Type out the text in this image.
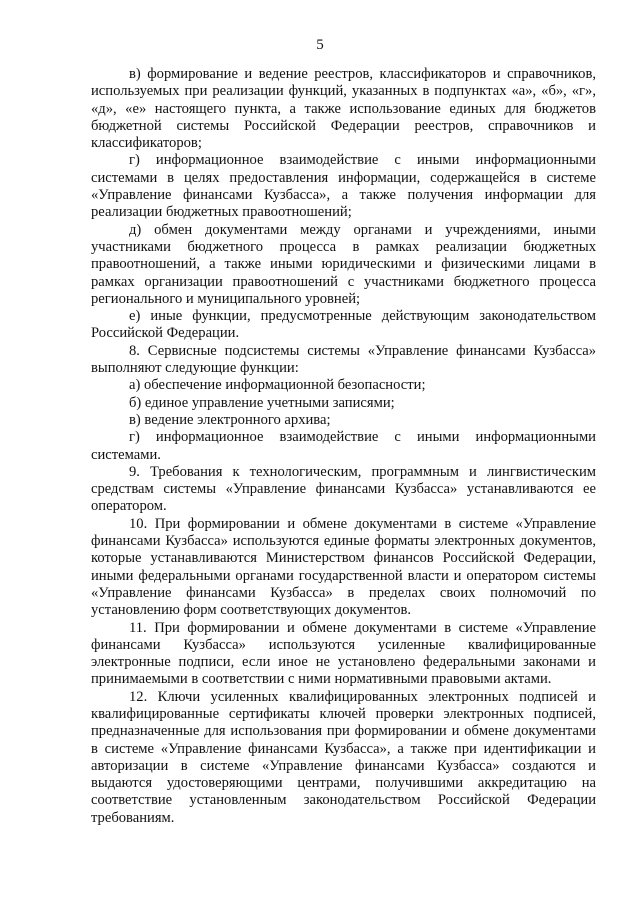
5

в) формирование и ведение реестров, классификаторов и справочников, используемых при реализации функций, указанных в подпунктах «а», «б», «г», «д», «е» настоящего пункта, а также использование единых для бюджетов бюджетной системы Российской Федерации реестров, справочников и классификаторов;

г) информационное взаимодействие с иными информационными системами в целях предоставления информации, содержащейся в системе «Управление финансами Кузбасса», а также получения информации для реализации бюджетных правоотношений;

д) обмен документами между органами и учреждениями, иными участниками бюджетного процесса в рамках реализации бюджетных правоотношений, а также иными юридическими и физическими лицами в рамках организации правоотношений с участниками бюджетного процесса регионального и муниципального уровней;

е) иные функции, предусмотренные действующим законодательством Российской Федерации.

8. Сервисные подсистемы системы «Управление финансами Кузбасса» выполняют следующие функции:

а) обеспечение информационной безопасности;

б) единое управление учетными записями;

в) ведение электронного архива;

г) информационное взаимодействие с иными информационными системами.

9. Требования к технологическим, программным и лингвистическим средствам системы «Управление финансами Кузбасса» устанавливаются ее оператором.

10. При формировании и обмене документами в системе «Управление финансами Кузбасса» используются единые форматы электронных документов, которые устанавливаются Министерством финансов Российской Федерации, иными федеральными органами государственной власти и оператором системы «Управление финансами Кузбасса» в пределах своих полномочий по установлению форм соответствующих документов.

11. При формировании и обмене документами в системе «Управление финансами Кузбасса» используются усиленные квалифицированные электронные подписи, если иное не установлено федеральными законами и принимаемыми в соответствии с ними нормативными правовыми актами.

12. Ключи усиленных квалифицированных электронных подписей и квалифицированные сертификаты ключей проверки электронных подписей, предназначенные для использования при формировании и обмене документами в системе «Управление финансами Кузбасса», а также при идентификации и авторизации в системе «Управление финансами Кузбасса» создаются и выдаются удостоверяющими центрами, получившими аккредитацию на соответствие установленным законодательством Российской Федерации требованиям.
